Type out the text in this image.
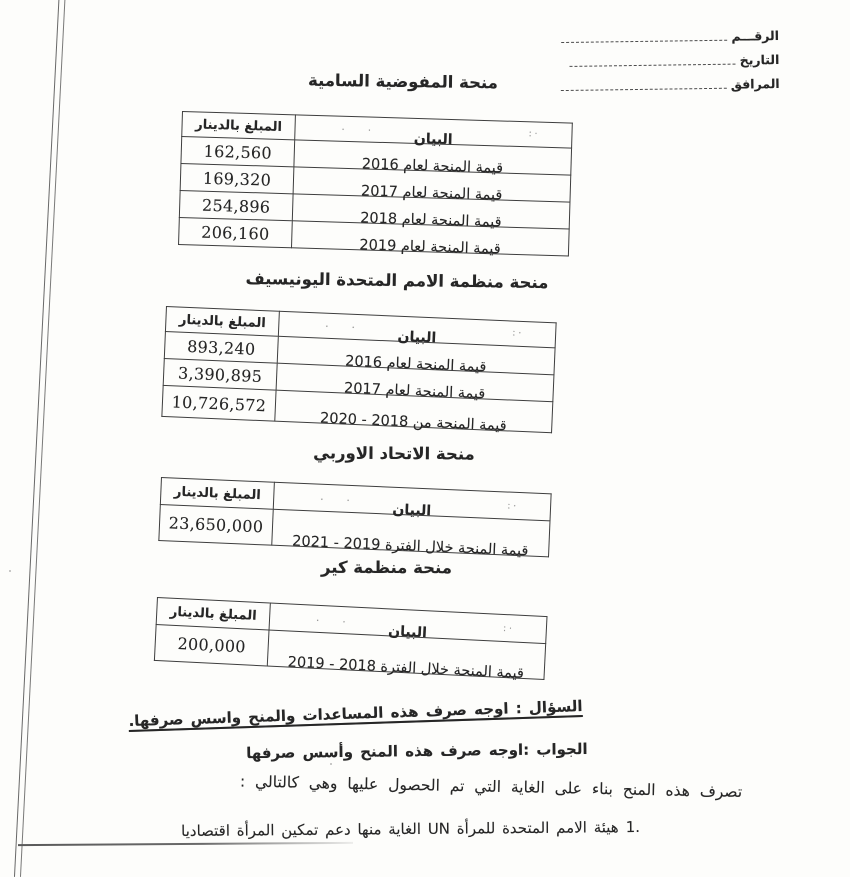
الرقـــم
التاريخ
المرافق
منحة المفوضية السامية
· · البيان · :	المبلغ بالدينار
قيمة المنحة لعام 2016	162,560
قيمة المنحة لعام 2017	169,320
قيمة المنحة لعام 2018	254,896
قيمة المنحة لعام 2019	206,160
منحة منظمة الامم المتحدة اليونيسيف
· · البيان · :	المبلغ بالدينار
قيمة المنحة لعام 2016	893,240
قيمة المنحة لعام 2017	3,390,895
قيمة المنحة من 2018 - 2020	10,726,572
منحة الاتحاد الاوربي
· · البيان · :	المبلغ بالدينار
قيمة المنحة خلال الفترة 2019 - 2021	23,650,000
منحة منظمة كير
· · البيان · :	المبلغ بالدينار
قيمة المنحة خلال الفترة 2018 - 2019	200,000
السؤال : اوجه صرف هذه المساعدات والمنح واسس صرفها.
الجواب :اوجه صرف هذه المنح وأسس صرفها
تصرف هذه المنح بناء على الغاية التي تم الحصول عليها وهي كالتالي :
1.هيئة الامم المتحدة للمرأة UN الغاية منها دعم تمكين المرأة اقتصاديا
